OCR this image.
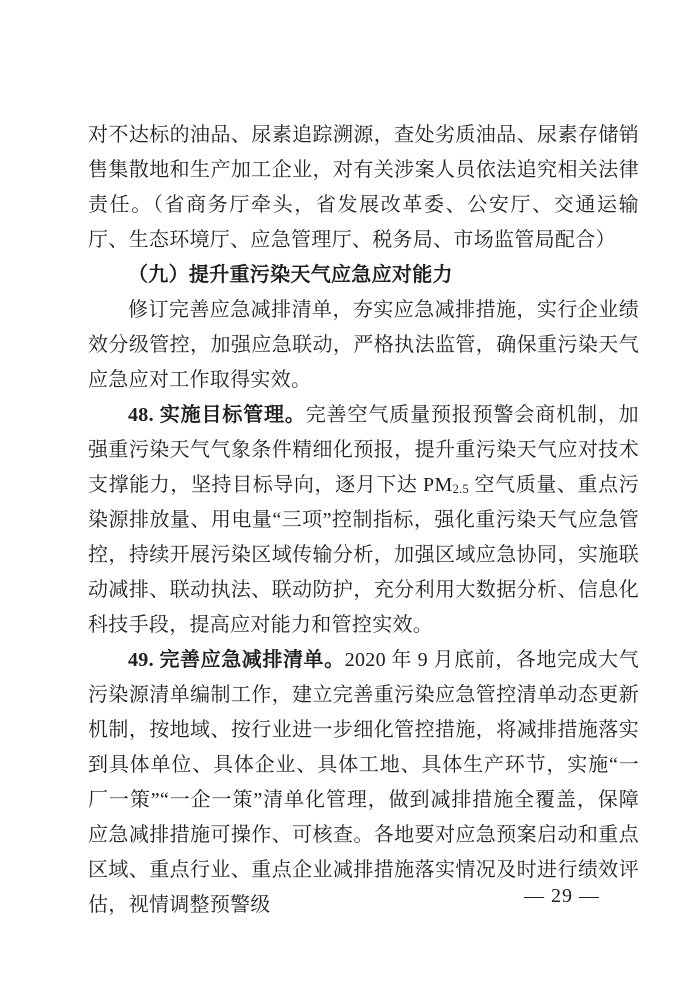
对不达标的油品、尿素追踪溯源，查处劣质油品、尿素存储销售集散地和生产加工企业，对有关涉案人员依法追究相关法律责任。（省商务厅牵头，省发展改革委、公安厅、交通运输厅、生态环境厅、应急管理厅、税务局、市场监管局配合）

（九）提升重污染天气应急应对能力

修订完善应急减排清单，夯实应急减排措施，实行企业绩效分级管控，加强应急联动，严格执法监管，确保重污染天气应急应对工作取得实效。

48. 实施目标管理。完善空气质量预报预警会商机制，加强重污染天气气象条件精细化预报，提升重污染天气应对技术支撑能力，坚持目标导向，逐月下达 $PM_{2.5}$ 空气质量、重点污染源排放量、用电量“三项”控制指标，强化重污染天气应急管控，持续开展污染区域传输分析，加强区域应急协同，实施联动减排、联动执法、联动防护，充分利用大数据分析、信息化科技手段，提高应对能力和管控实效。

49. 完善应急减排清单。2020 年 9 月底前，各地完成大气污染源清单编制工作，建立完善重污染应急管控清单动态更新机制，按地域、按行业进一步细化管控措施，将减排措施落实到具体单位、具体企业、具体工地、具体生产环节，实施“一厂一策”“一企一策”清单化管理，做到减排措施全覆盖，保障应急减排措施可操作、可核查。各地要对应急预案启动和重点区域、重点行业、重点企业减排措施落实情况及时进行绩效评估，视情调整预警级	— 29 —
